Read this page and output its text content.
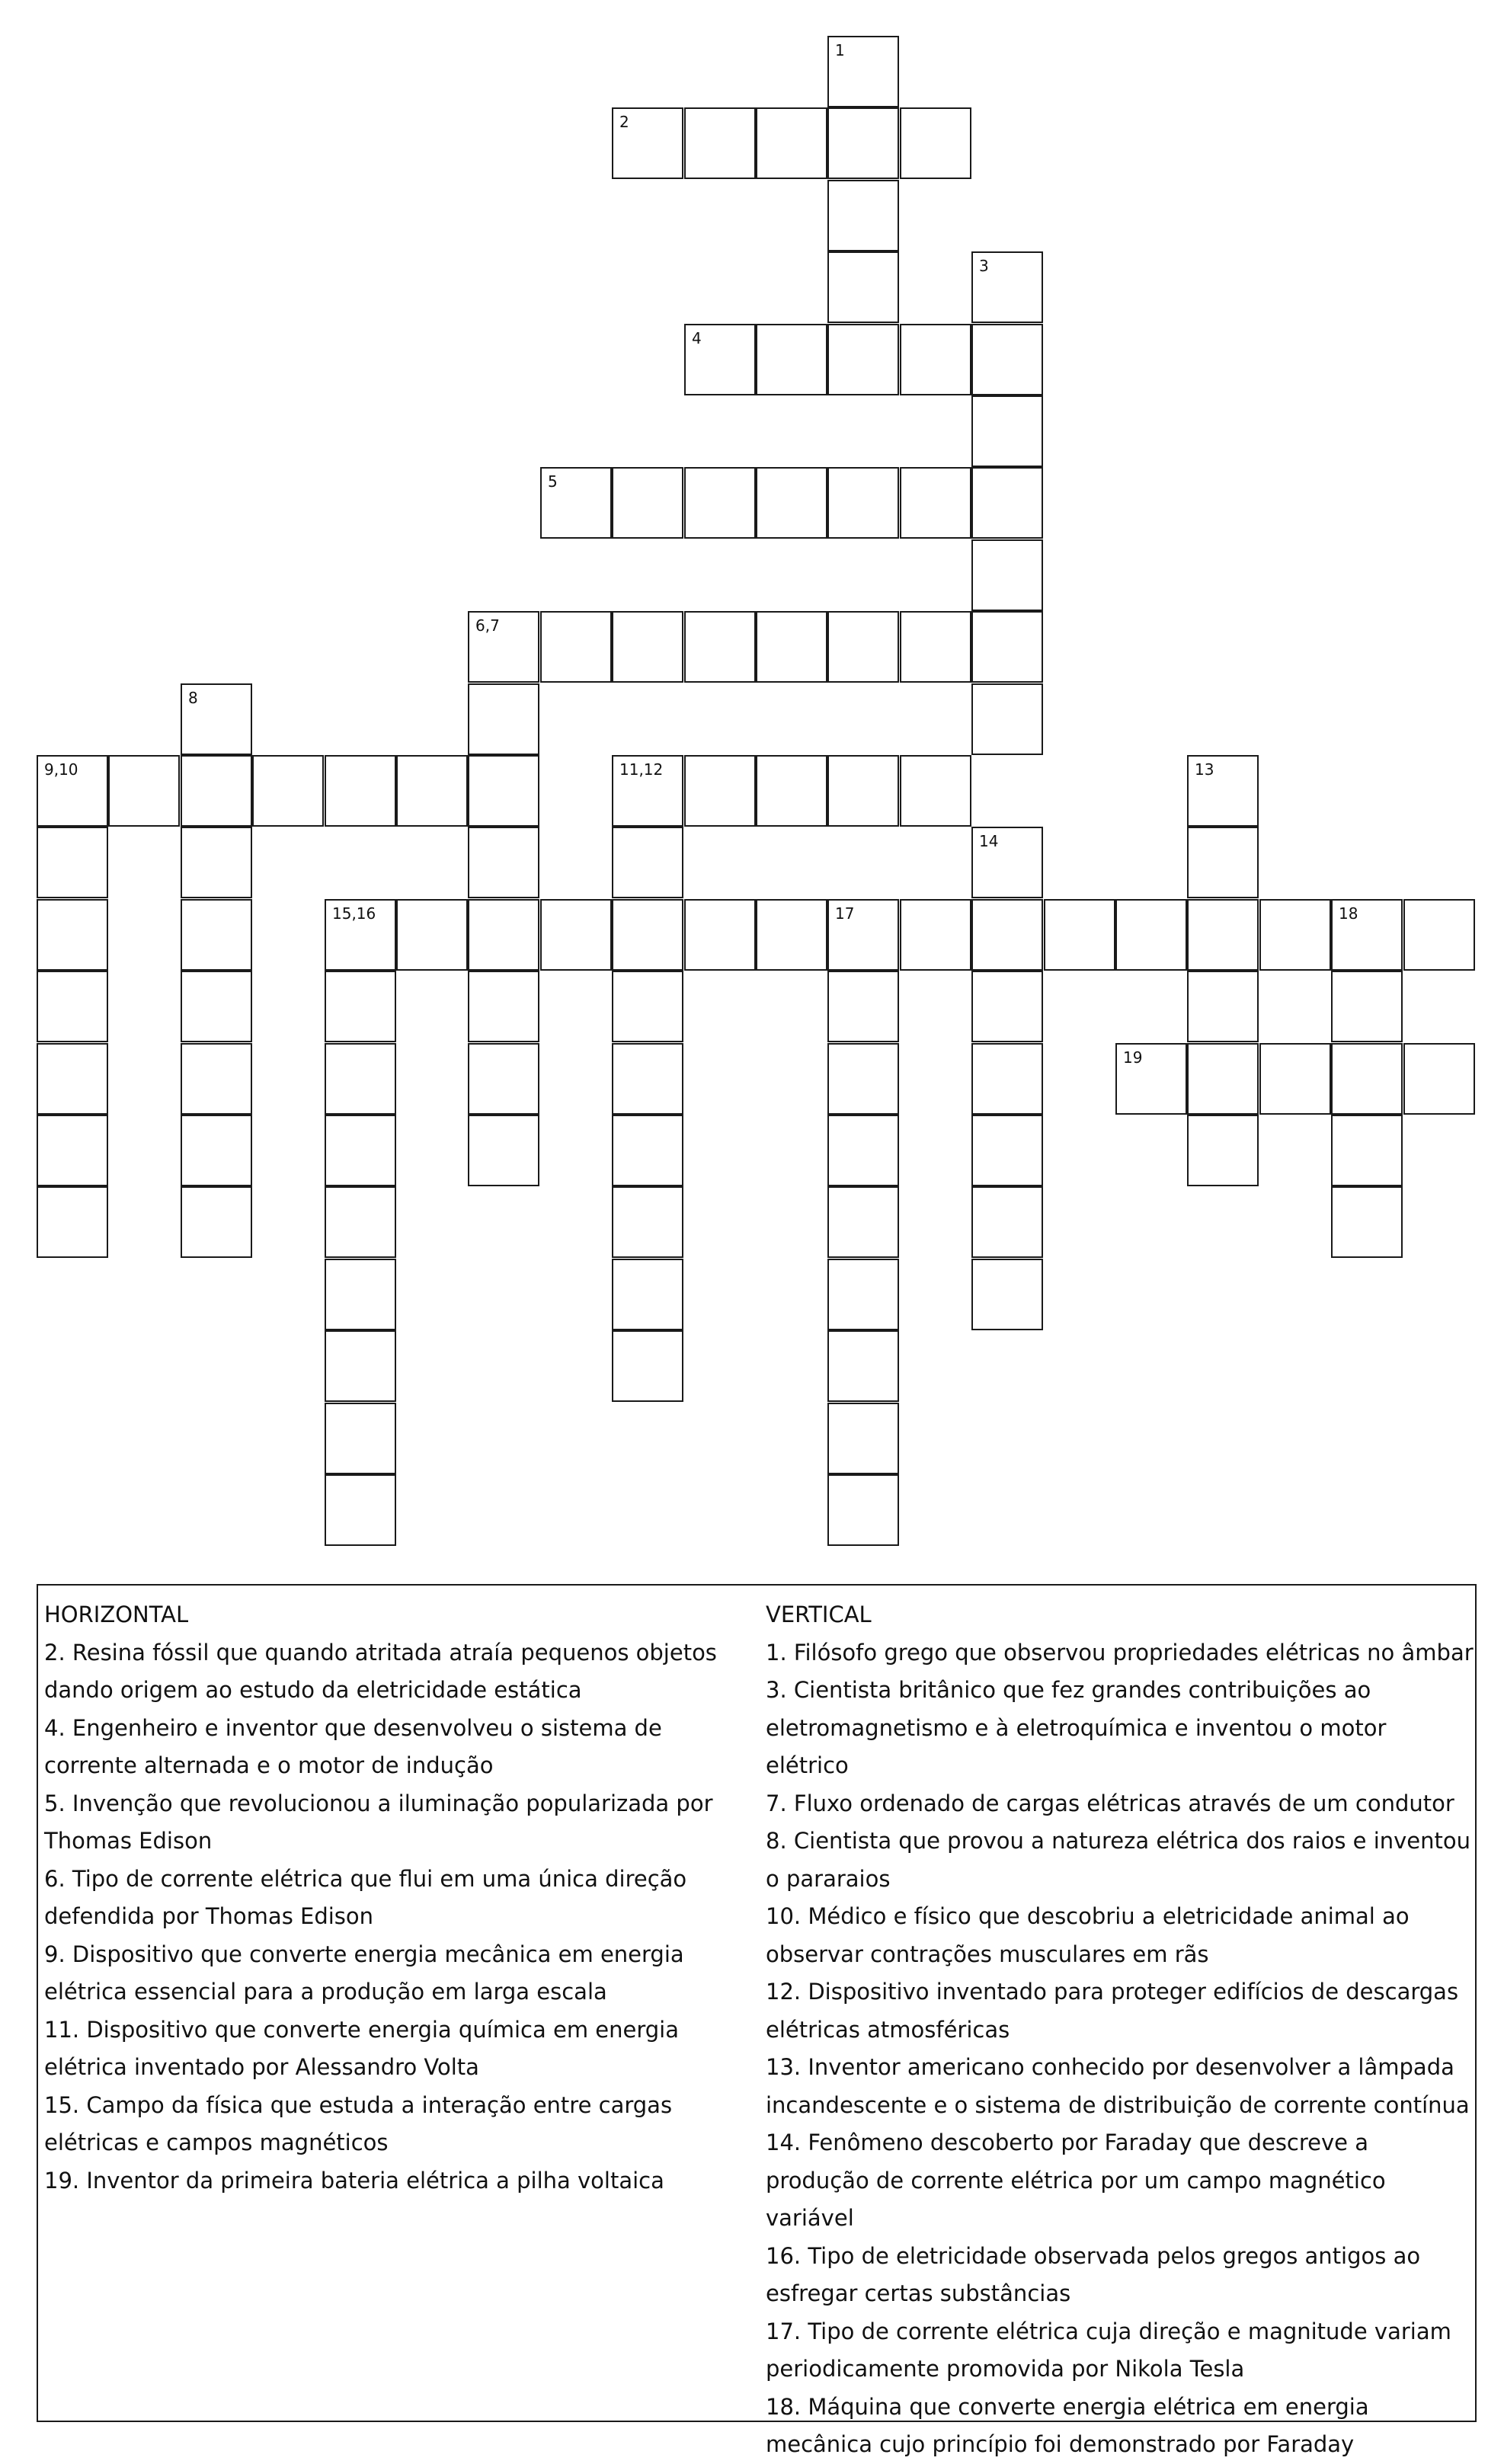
1
2
3
4
5
6,7
8
9,10	11,12	13
14
15,16	17	18
19

HORIZONTAL

2. Resina fóssil que quando atritada atraía pequenos objetos dando origem ao estudo da eletricidade estática

4. Engenheiro e inventor que desenvolveu o sistema de corrente alternada e o motor de indução

5. Invenção que revolucionou a iluminação popularizada por Thomas Edison

6. Tipo de corrente elétrica que flui em uma única direção defendida por Thomas Edison

9. Dispositivo que converte energia mecânica em energia elétrica essencial para a produção em larga escala

11. Dispositivo que converte energia química em energia elétrica inventado por Alessandro Volta

15. Campo da física que estuda a interação entre cargas elétricas e campos magnéticos

19. Inventor da primeira bateria elétrica a pilha voltaica

VERTICAL

1. Filósofo grego que observou propriedades elétricas no âmbar

3. Cientista britânico que fez grandes contribuições ao eletromagnetismo e à eletroquímica e inventou o motor elétrico

7. Fluxo ordenado de cargas elétricas através de um condutor

8. Cientista que provou a natureza elétrica dos raios e inventou o pararaios

10. Médico e físico que descobriu a eletricidade animal ao observar contrações musculares em rãs

12. Dispositivo inventado para proteger edifícios de descargas elétricas atmosféricas

13. Inventor americano conhecido por desenvolver a lâmpada incandescente e o sistema de distribuição de corrente contínua

14. Fenômeno descoberto por Faraday que descreve a produção de corrente elétrica por um campo magnético variável

16. Tipo de eletricidade observada pelos gregos antigos ao esfregar certas substâncias

17. Tipo de corrente elétrica cuja direção e magnitude variam periodicamente promovida por Nikola Tesla

18. Máquina que converte energia elétrica em energia mecânica cujo princípio foi demonstrado por Faraday
